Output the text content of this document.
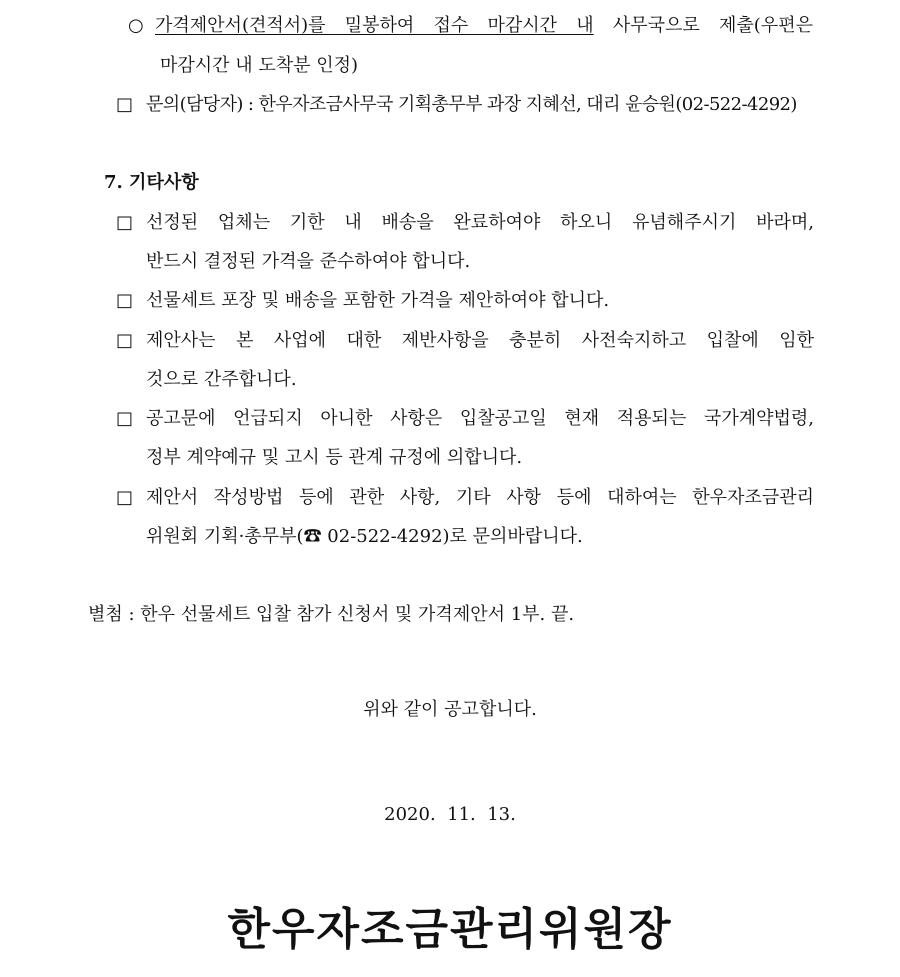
○ 가격제안서(견적서)를 밀봉하여 접수 마감시간 내 사무국으로 제출(우편은
마감시간 내 도착분 인정)
□ 문의(담당자) : 한우자조금사무국 기획총무부 과장 지혜선, 대리 윤승원(02-522-4292)
7. 기타사항
□ 선정된 업체는 기한 내 배송을 완료하여야 하오니 유념해주시기 바라며,
반드시 결정된 가격을 준수하여야 합니다.
□ 선물세트 포장 및 배송을 포함한 가격을 제안하여야 합니다.
□ 제안사는 본 사업에 대한 제반사항을 충분히 사전숙지하고 입찰에 임한
것으로 간주합니다.
□ 공고문에 언급되지 아니한 사항은 입찰공고일 현재 적용되는 국가계약법령,
정부 계약예규 및 고시 등 관계 규정에 의합니다.
□ 제안서 작성방법 등에 관한 사항, 기타 사항 등에 대하여는 한우자조금관리
위원회 기획·총무부(☎ 02-522-4292)로 문의바랍니다.
별첨 : 한우 선물세트 입찰 참가 신청서 및 가격제안서 1부. 끝.
위와 같이 공고합니다.
2020.  11.  13.
한우자조금관리위원장
